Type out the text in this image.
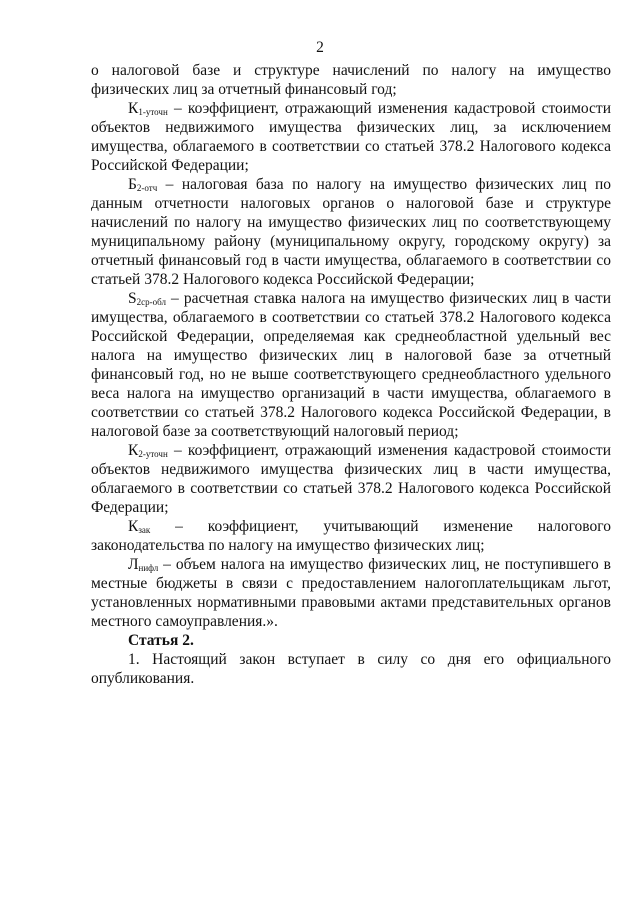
2

о налоговой базе и структуре начислений по налогу на имущество физических лиц за отчетный финансовый год;

$К_{1-уточн}$ – коэффициент, отражающий изменения кадастровой стоимости объектов недвижимого имущества физических лиц, за исключением имущества, облагаемого в соответствии со статьей 378.2 Налогового кодекса Российской Федерации;

$Б_{2-отч}$ – налоговая база по налогу на имущество физических лиц по данным отчетности налоговых органов о налоговой базе и структуре начислений по налогу на имущество физических лиц по соответствующему муниципальному району (муниципальному округу, городскому округу) за отчетный финансовый год в части имущества, облагаемого в соответствии со статьей 378.2 Налогового кодекса Российской Федерации;

$S_{2ср-обл}$ – расчетная ставка налога на имущество физических лиц в части имущества, облагаемого в соответствии со статьей 378.2 Налогового кодекса Российской Федерации, определяемая как среднеобластной удельный вес налога на имущество физических лиц в налоговой базе за отчетный финансовый год, но не выше соответствующего среднеобластного удельного веса налога на имущество организаций в части имущества, облагаемого в соответствии со статьей 378.2 Налогового кодекса Российской Федерации, в налоговой базе за соответствующий налоговый период;

$К_{2-уточн}$ – коэффициент, отражающий изменения кадастровой стоимости объектов недвижимого имущества физических лиц в части имущества, облагаемого в соответствии со статьей 378.2 Налогового кодекса Российской Федерации;

$К_{зак}$ – коэффициент, учитывающий изменение налогового законодательства по налогу на имущество физических лиц;

$Л_{нифл}$ – объем налога на имущество физических лиц, не поступившего в местные бюджеты в связи с предоставлением налогоплательщикам льгот, установленных нормативными правовыми актами представительных органов местного самоуправления.».

Статья 2.

1. Настоящий закон вступает в силу со дня его официального опубликования.
